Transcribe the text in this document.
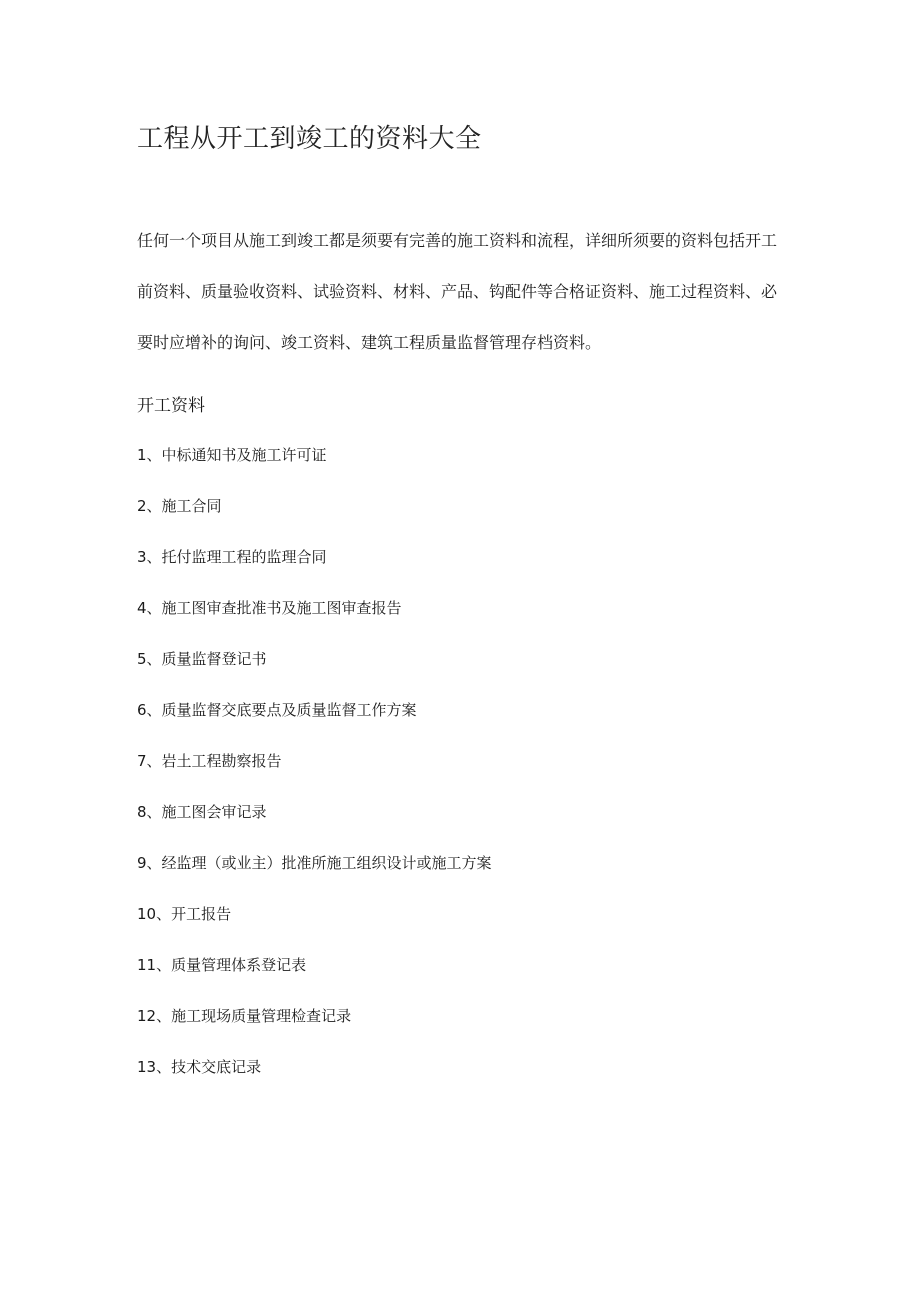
工程从开工到竣工的资料大全

任何一个项目从施工到竣工都是须要有完善的施工资料和流程，详细所须要的资料包括开工前资料、质量验收资料、试验资料、材料、产品、钩配件等合格证资料、施工过程资料、必要时应增补的询问、竣工资料、建筑工程质量监督管理存档资料。

开工资料
1、中标通知书及施工许可证
2、施工合同
3、托付监理工程的监理合同
4、施工图审查批准书及施工图审查报告
5、质量监督登记书
6、质量监督交底要点及质量监督工作方案
7、岩土工程勘察报告
8、施工图会审记录
9、经监理（或业主）批准所施工组织设计或施工方案
10、开工报告
11、质量管理体系登记表
12、施工现场质量管理检查记录
13、技术交底记录
